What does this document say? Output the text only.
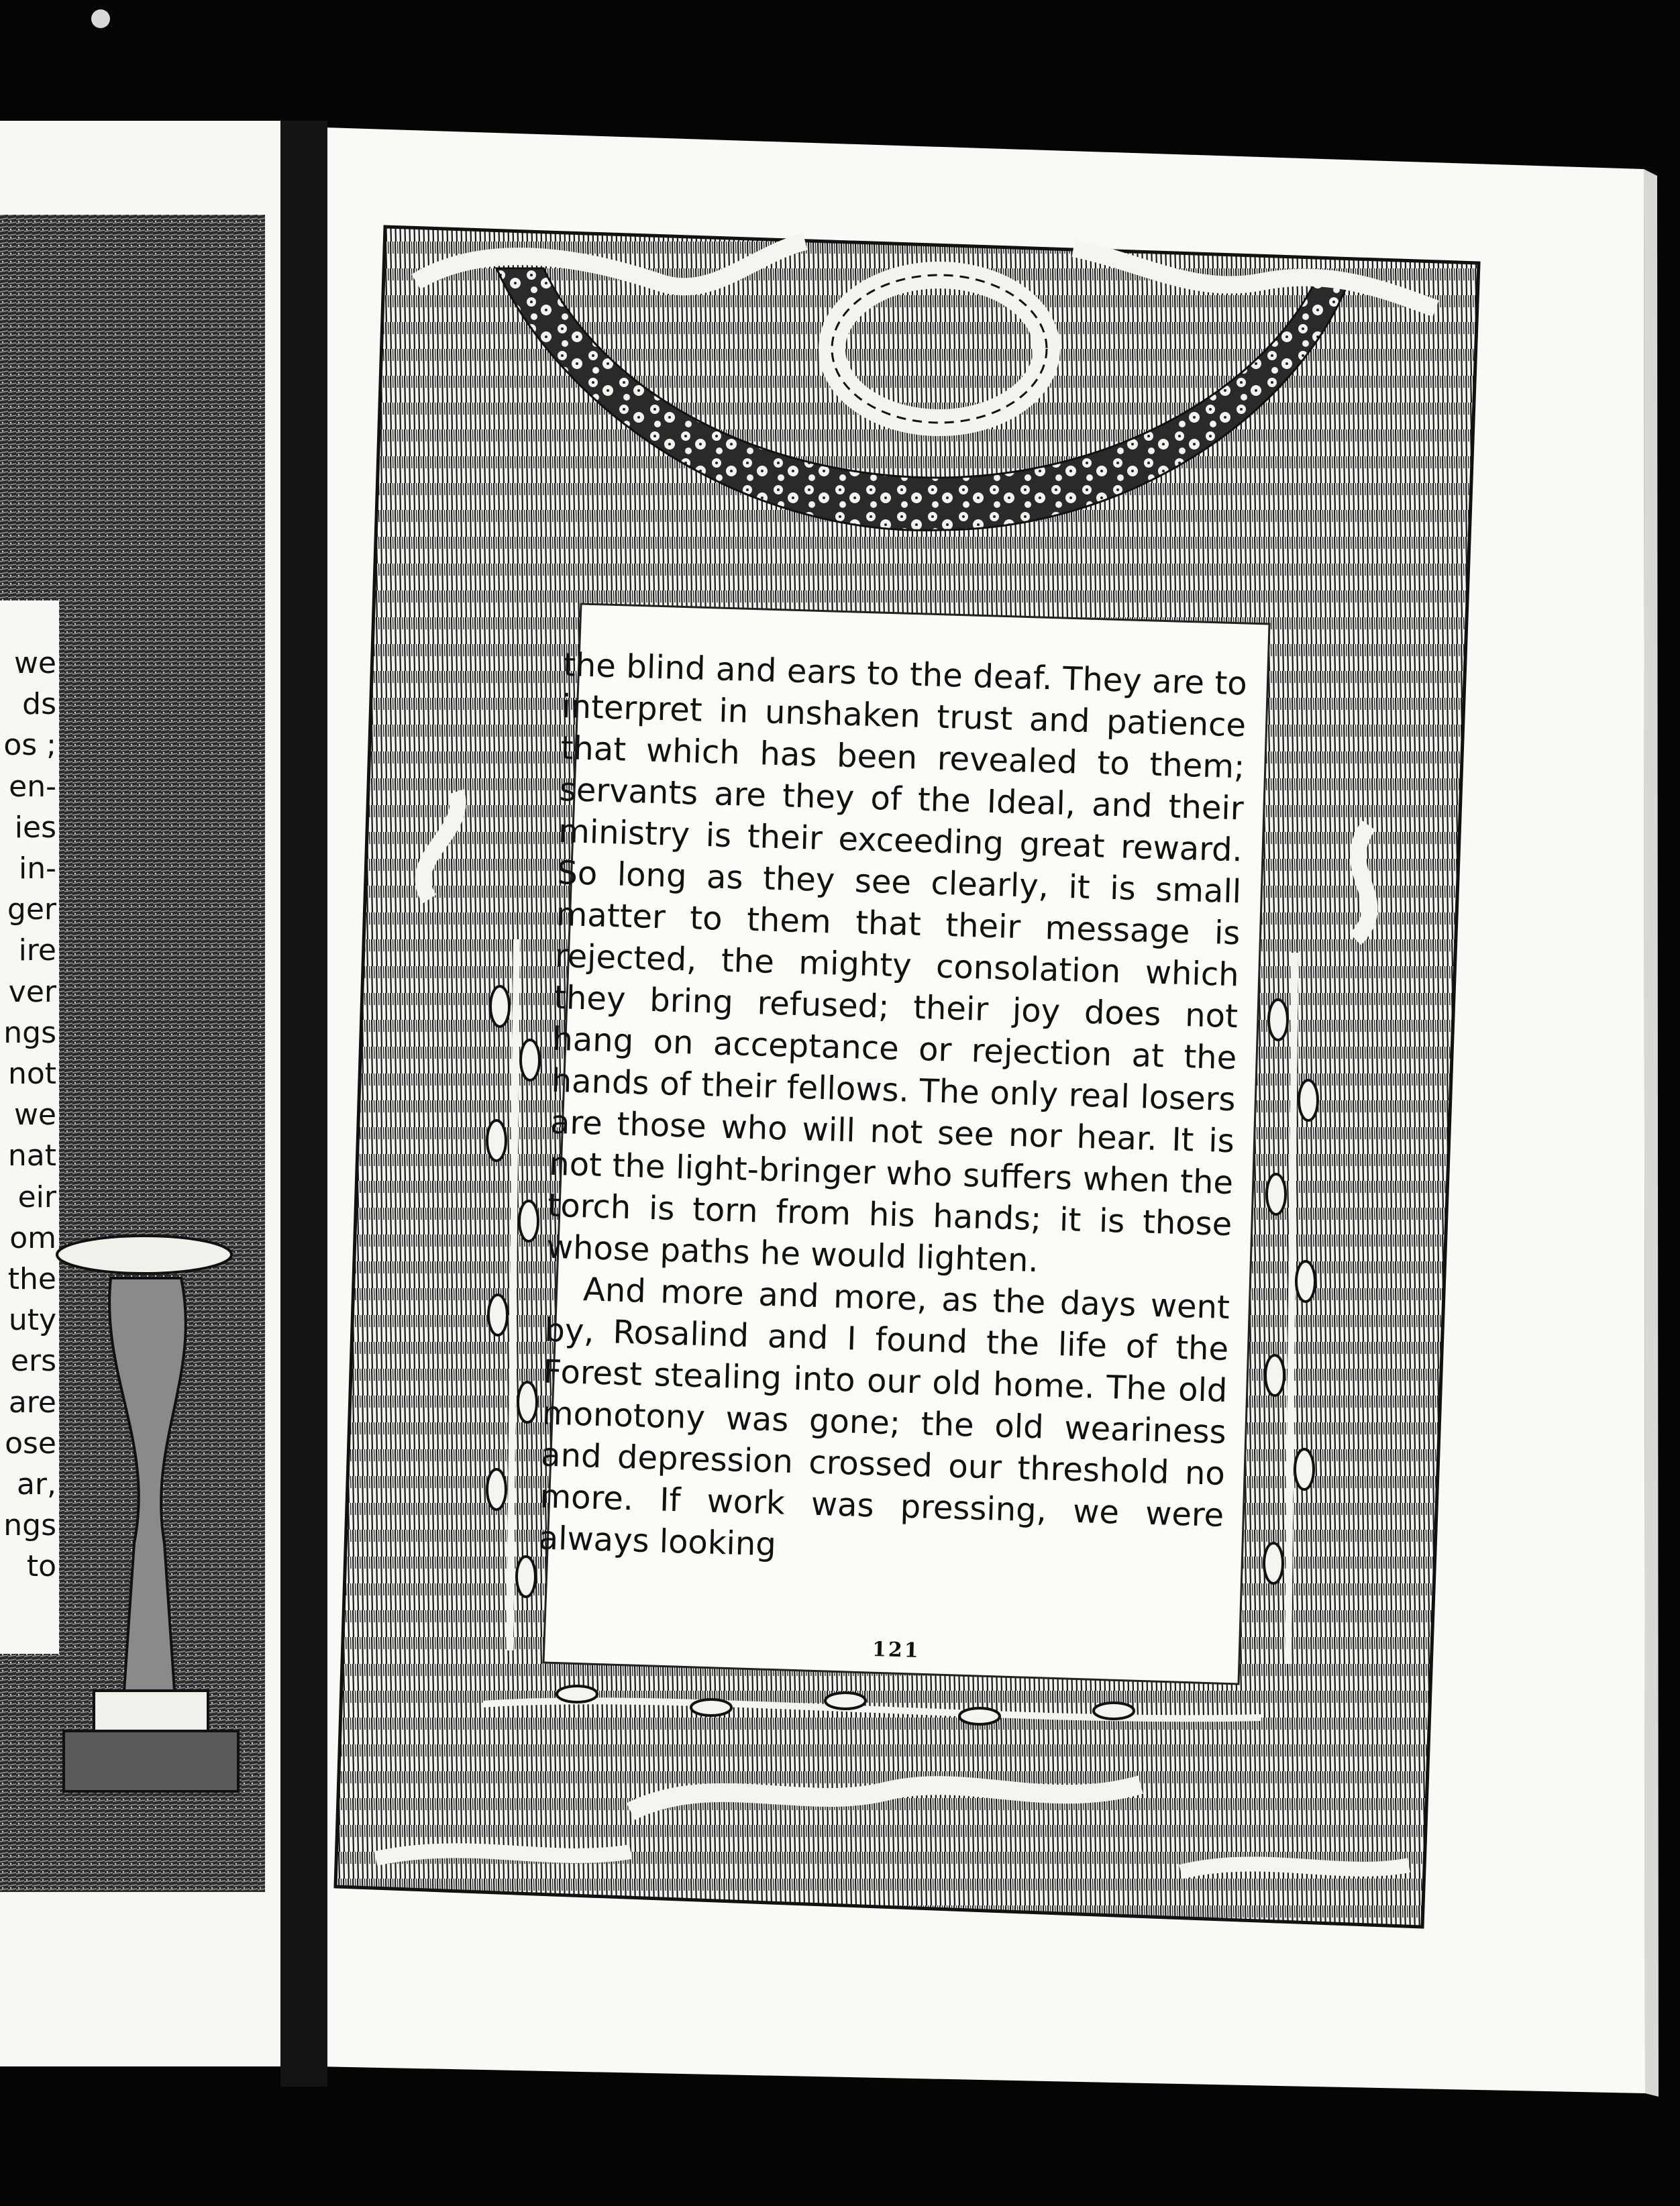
we
ds
os ;
en-
ies
in-
ger
ire
ver
ngs
not
we
nat
eir
om
the
uty
ers
are
ose
ar,
ngs
to

the blind and ears to the deaf. They are to interpret in unshaken trust and patience that which has been revealed to them; servants are they of the Ideal, and their ministry is their exceeding great reward. So long as they see clearly, it is small matter to them that their message is rejected, the mighty consolation which they bring refused; their joy does not hang on acceptance or rejection at the hands of their fellows. The only real losers are those who will not see nor hear. It is not the light-bringer who suffers when the torch is torn from his hands; it is those whose paths he would lighten.

And more and more, as the days went by, Rosalind and I found the life of the Forest stealing into our old home. The old monotony was gone; the old weariness and depression crossed our threshold no more. If work was pressing, we were always looking

121
